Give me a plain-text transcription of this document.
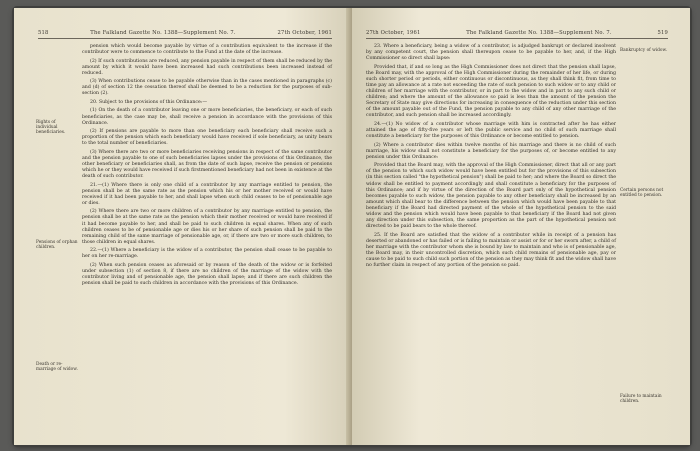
518	The Falkland Gazette No. 1388—Supplement No. 7.	27th October, 1961
Rights of individual beneficiaries.
Pensions of orphan children.
Death or re-marriage of widow.

pension which would become payable by virtue of a contribution equivalent to the increase if the contributor were to commence to contribute to the Fund at the date of the increase.

(2) If such contributions are reduced, any pension payable in respect of them shall be reduced by the amount by which it would have been increased had such contributions been increased instead of reduced.

(3) When contributions cease to be payable otherwise than in the cases mentioned in paragraphs (c) and (d) of section 12 the cessation thereof shall be deemed to be a reduction for the purposes of sub-section (2).

20. Subject to the provisions of this Ordinance:—

(1) On the death of a contributor leaving one or more beneficiaries, the beneficiary, or each of such beneficiaries, as the case may be, shall receive a pension in accordance with the provisions of this Ordinance.

(2) If pensions are payable to more than one beneficiary each beneficiary shall receive such a proportion of the pension which each beneficiary would have received if sole beneficiary, as unity bears to the total number of beneficiaries.

(3) Where there are two or more beneficiaries receiving pensions in respect of the same contributor and the pension payable to one of such beneficiaries lapses under the provisions of this Ordinance, the other beneficiary or beneficiaries shall, as from the date of such lapse, receive the pension or pensions which he or they would have received if such firstmentioned beneficiary had not been in existence at the death of such contributor.

21.—(1) Where there is only one child of a contributor by any marriage entitled to pension, the pension shall be at the same rate as the pension which his or her mother received or would have received if it had been payable to her, and shall lapse when such child ceases to be of pensionable age or dies.

(2) Where there are two or more children of a contributor by any marriage entitled to pension, the pension shall be at the same rate as the pension which their mother received or would have received if it had become payable to her, and shall be paid to such children in equal shares. When any of such children ceases to be of pensionable age or dies his or her share of such pension shall be paid to the remaining child of the same marriage of pensionable age, or, if there are two or more such children, to those children in equal shares.

22.—(1) Where a beneficiary is the widow of a contributor, the pension shall cease to be payable to her on her re-marriage.

(2) When such pension ceases as aforesaid or by reason of the death of the widow or is forfeited under subsection (1) of section 8, if there are no children of the marriage of the widow with the contributor living and of pensionable age, the pension shall lapse; and if there are such children the pension shall be paid to such children in accordance with the provisions of this Ordinance.

27th October, 1961	The Falkland Gazette No. 1388—Supplement No. 7.	519

23. Where a beneficiary, being a widow of a contributor, is adjudged bankrupt or declared insolvent by any competent court, the pension shall thereupon cease to be payable to her, and, if the High Commissioner so direct shall lapse:

Provided that, if and so long as the High Commissioner does not direct that the pension shall lapse, the Board may, with the approval of the High Commissioner during the remainder of her life, or during such shorter period or periods, either continuous or discontinuous, as they shall think fit, from time to time pay an allowance at a rate not exceeding the rate of such pension to such widow or to any child or children of her marriage with the contributor, or in part to the widow and in part to any such child or children; and where the amount of the allowance so paid is less than the amount of the pension the Secretary of State may give directions for increasing in consequence of the reduction under this section of the amount payable out of the Fund, the pension payable to any child of any other marriage of the contributor, and such pension shall be increased accordingly.

24.—(1) No widow of a contributor whose marriage with him is contracted after he has either attained the age of fifty-five years or left the public service and no child of such marriage shall constitute a beneficiary for the purposes of this Ordinance or become entitled to pension.

(2) Where a contributor dies within twelve months of his marriage and there is no child of such marriage, his widow shall not constitute a beneficiary for the purposes of, or become entitled to any pension under this Ordinance:

Provided that the Board may, with the approval of the High Commissioner, direct that all or any part of the pension to which such widow would have been entitled but for the provisions of this subsection (in this section called "the hypothetical pension") shall be paid to her; and where the Board so direct the widow shall be entitled to payment accordingly and shall constitute a beneficiary for the purposes of this Ordinance; and if by virtue of the direction of the Board part only of the hypothetical pension becomes payable to such widow, the pension payable to any other beneficiary shall be increased by an amount which shall bear to the difference between the pension which would have been payable to that beneficiary if the Board had directed payment of the whole of the hypothetical pension to the said widow and the pension which would have been payable to that beneficiary if the Board had not given any direction under this subsection, the same proportion as the part of the hypothetical pension not directed to be paid bears to the whole thereof.

25. If the Board are satisfied that the widow of a contributor while in receipt of a pension has deserted or abandoned or has failed or is failing to maintain or assist or for or her sworn after, a child of her marriage with the contributor whom she is bound by law to maintain and who is of pensionable age, the Board may, in their uncontrolled discretion, which such child remains of pensionable age, pay or cause to be paid to such child such portion of the pension as they may think fit and the widow shall have no further claim in respect of any portion of the pension so paid.

Bankruptcy of widow.
Certain persons not entitled to pension.
Failure to maintain children.
